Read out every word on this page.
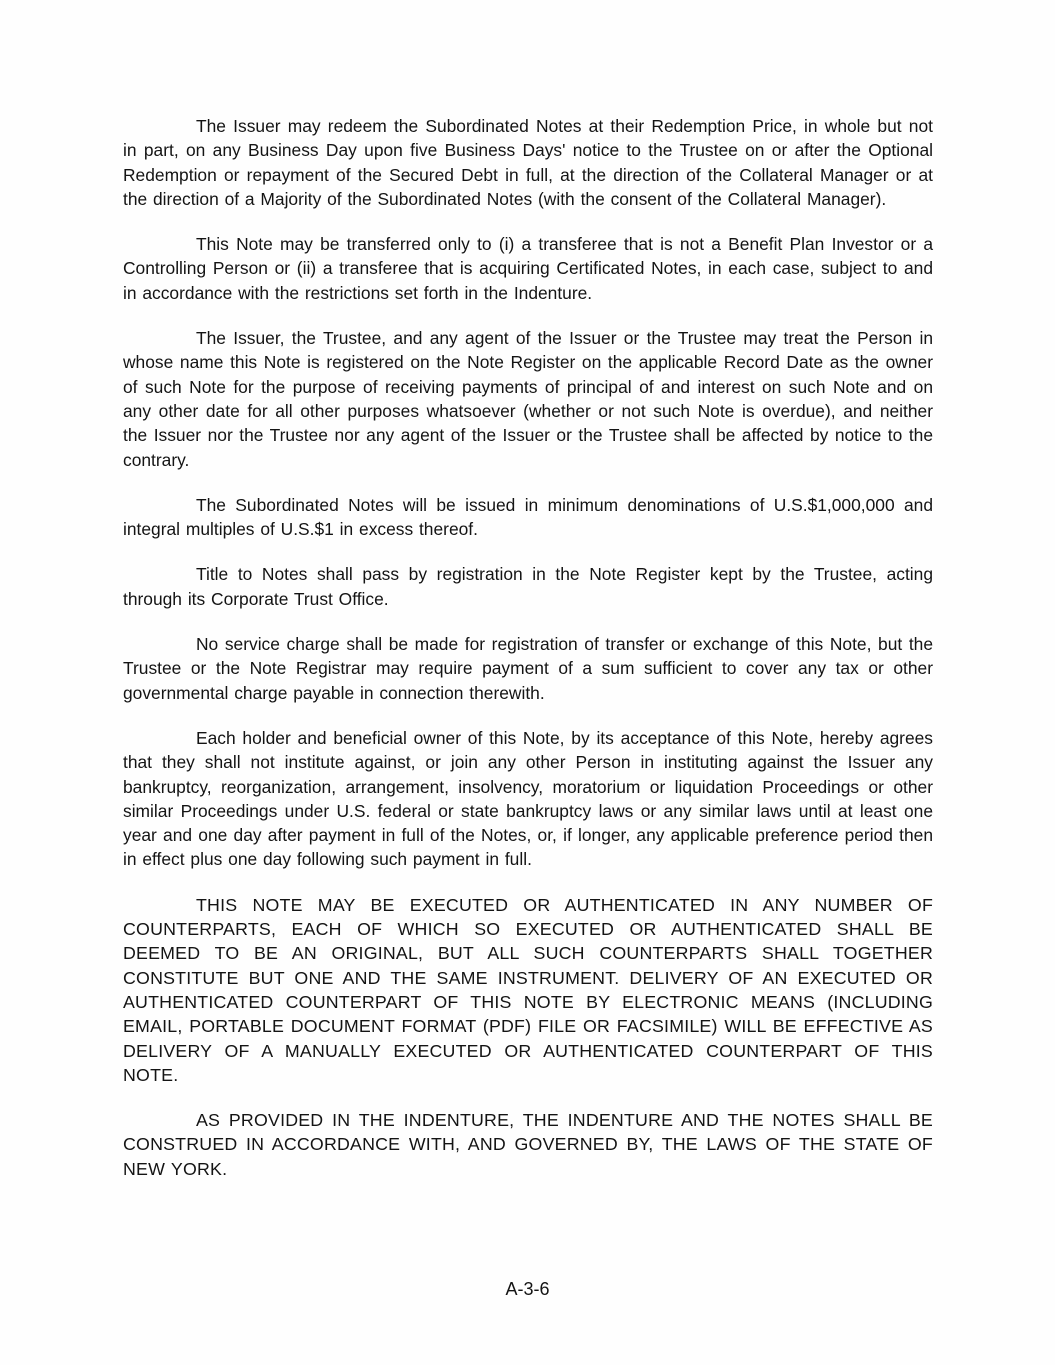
The Issuer may redeem the Subordinated Notes at their Redemption Price, in whole but not in part, on any Business Day upon five Business Days' notice to the Trustee on or after the Optional Redemption or repayment of the Secured Debt in full, at the direction of the Collateral Manager or at the direction of a Majority of the Subordinated Notes (with the consent of the Collateral Manager).

This Note may be transferred only to (i) a transferee that is not a Benefit Plan Investor or a Controlling Person or (ii) a transferee that is acquiring Certificated Notes, in each case, subject to and in accordance with the restrictions set forth in the Indenture.

The Issuer, the Trustee, and any agent of the Issuer or the Trustee may treat the Person in whose name this Note is registered on the Note Register on the applicable Record Date as the owner of such Note for the purpose of receiving payments of principal of and interest on such Note and on any other date for all other purposes whatsoever (whether or not such Note is overdue), and neither the Issuer nor the Trustee nor any agent of the Issuer or the Trustee shall be affected by notice to the contrary.

The Subordinated Notes will be issued in minimum denominations of U.S.$1,000,000 and integral multiples of U.S.$1 in excess thereof.

Title to Notes shall pass by registration in the Note Register kept by the Trustee, acting through its Corporate Trust Office.

No service charge shall be made for registration of transfer or exchange of this Note, but the Trustee or the Note Registrar may require payment of a sum sufficient to cover any tax or other governmental charge payable in connection therewith.

Each holder and beneficial owner of this Note, by its acceptance of this Note, hereby agrees that they shall not institute against, or join any other Person in instituting against the Issuer any bankruptcy, reorganization, arrangement, insolvency, moratorium or liquidation Proceedings or other similar Proceedings under U.S. federal or state bankruptcy laws or any similar laws until at least one year and one day after payment in full of the Notes, or, if longer, any applicable preference period then in effect plus one day following such payment in full.

THIS NOTE MAY BE EXECUTED OR AUTHENTICATED IN ANY NUMBER OF COUNTERPARTS, EACH OF WHICH SO EXECUTED OR AUTHENTICATED SHALL BE DEEMED TO BE AN ORIGINAL, BUT ALL SUCH COUNTERPARTS SHALL TOGETHER CONSTITUTE BUT ONE AND THE SAME INSTRUMENT. DELIVERY OF AN EXECUTED OR AUTHENTICATED COUNTERPART OF THIS NOTE BY ELECTRONIC MEANS (INCLUDING EMAIL, PORTABLE DOCUMENT FORMAT (PDF) FILE OR FACSIMILE) WILL BE EFFECTIVE AS DELIVERY OF A MANUALLY EXECUTED OR AUTHENTICATED COUNTERPART OF THIS NOTE.

AS PROVIDED IN THE INDENTURE, THE INDENTURE AND THE NOTES SHALL BE CONSTRUED IN ACCORDANCE WITH, AND GOVERNED BY, THE LAWS OF THE STATE OF NEW YORK.

A-3-6
